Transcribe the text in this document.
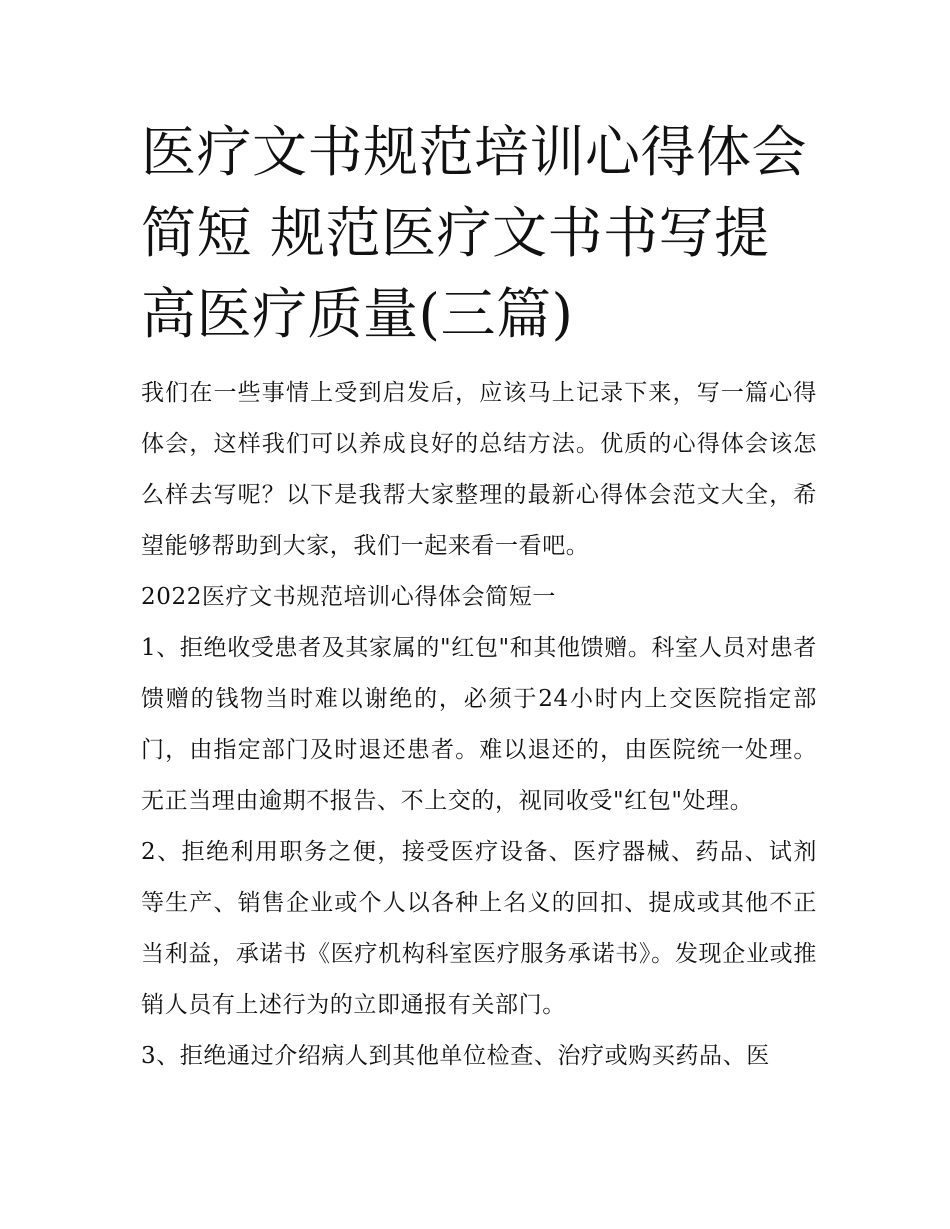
医疗文书规范培训心得体会简短 规范医疗文书书写提高医疗质量(三篇)

我们在一些事情上受到启发后，应该马上记录下来，写一篇心得体会，这样我们可以养成良好的总结方法。优质的心得体会该怎么样去写呢？以下是我帮大家整理的最新心得体会范文大全，希望能够帮助到大家，我们一起来看一看吧。

2022医疗文书规范培训心得体会简短一

1、拒绝收受患者及其家属的"红包"和其他馈赠。科室人员对患者馈赠的钱物当时难以谢绝的，必须于24小时内上交医院指定部门，由指定部门及时退还患者。难以退还的，由医院统一处理。无正当理由逾期不报告、不上交的，视同收受"红包"处理。

2、拒绝利用职务之便，接受医疗设备、医疗器械、药品、试剂等生产、销售企业或个人以各种上名义的回扣、提成或其他不正当利益，承诺书《医疗机构科室医疗服务承诺书》。发现企业或推销人员有上述行为的立即通报有关部门。

3、拒绝通过介绍病人到其他单位检查、治疗或购买药品、医
